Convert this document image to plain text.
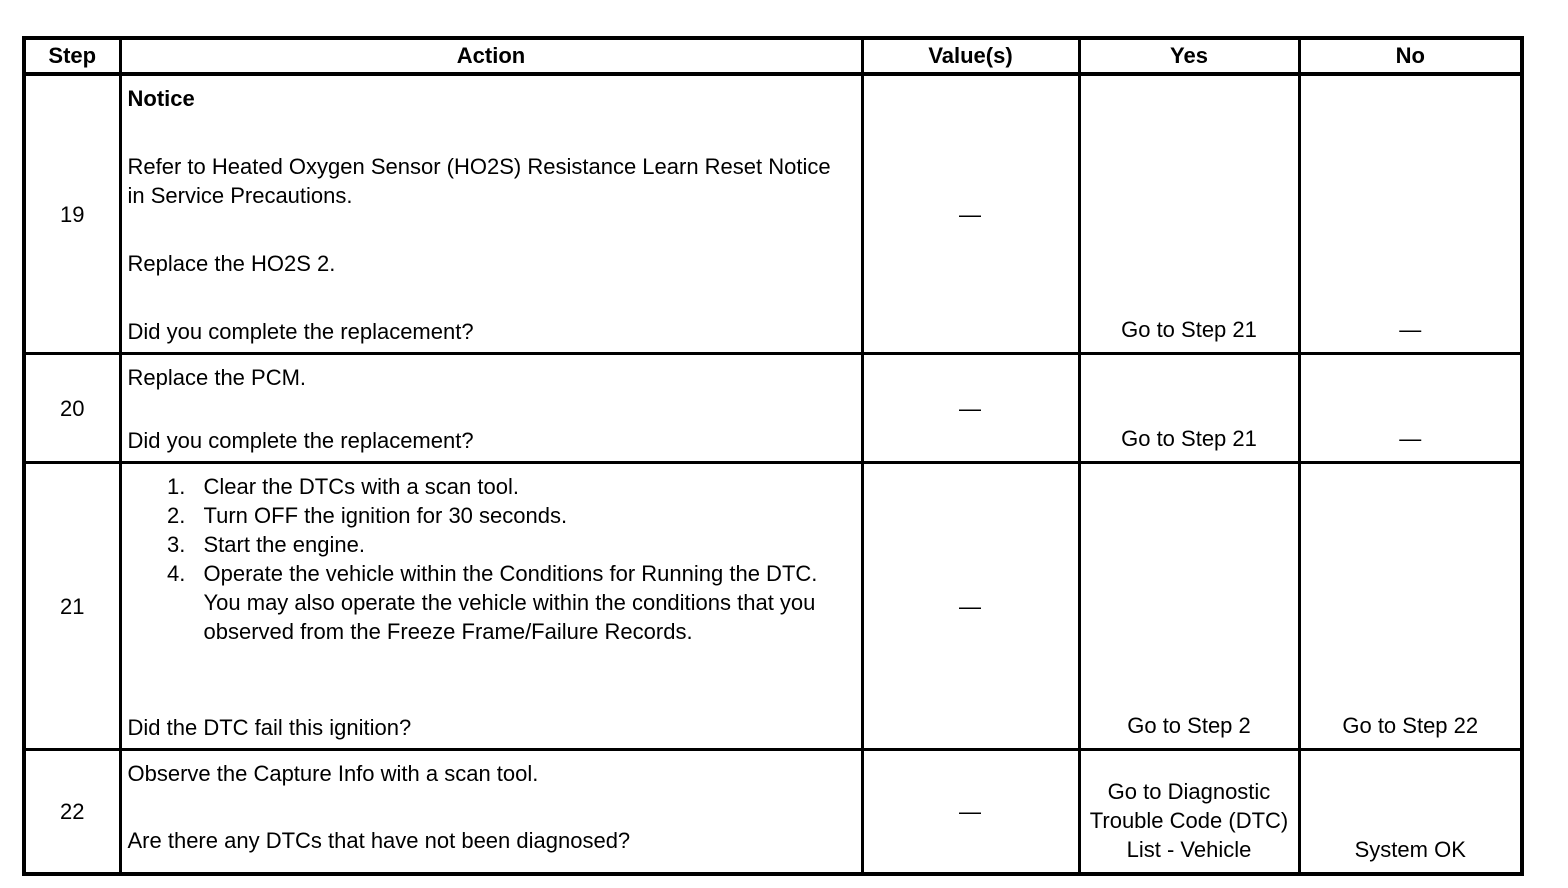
Step	Action	Value(s)	Yes	No
19	Notice

Refer to Heated Oxygen Sensor (HO2S) Resistance Learn Reset Notice in Service Precautions.

Replace the HO2S 2.

Did you complete the replacement?	—	Go to Step 21	—
20	Replace the PCM.

Did you complete the replacement?	—	Go to Step 21	—
21	
1. Clear the DTCs with a scan tool.
2. Turn OFF the ignition for 30 seconds.
3. Start the engine.
4. Operate the vehicle within the Conditions for Running the DTC. You may also operate the vehicle within the conditions that you observed from the Freeze Frame/Failure Records.

Did the DTC fail this ignition?

	—	Go to Step 2	Go to Step 22
22	Observe the Capture Info with a scan tool.

Are there any DTCs that have not been diagnosed?	—	Go to Diagnostic Trouble Code (DTC) List - Vehicle	System OK
